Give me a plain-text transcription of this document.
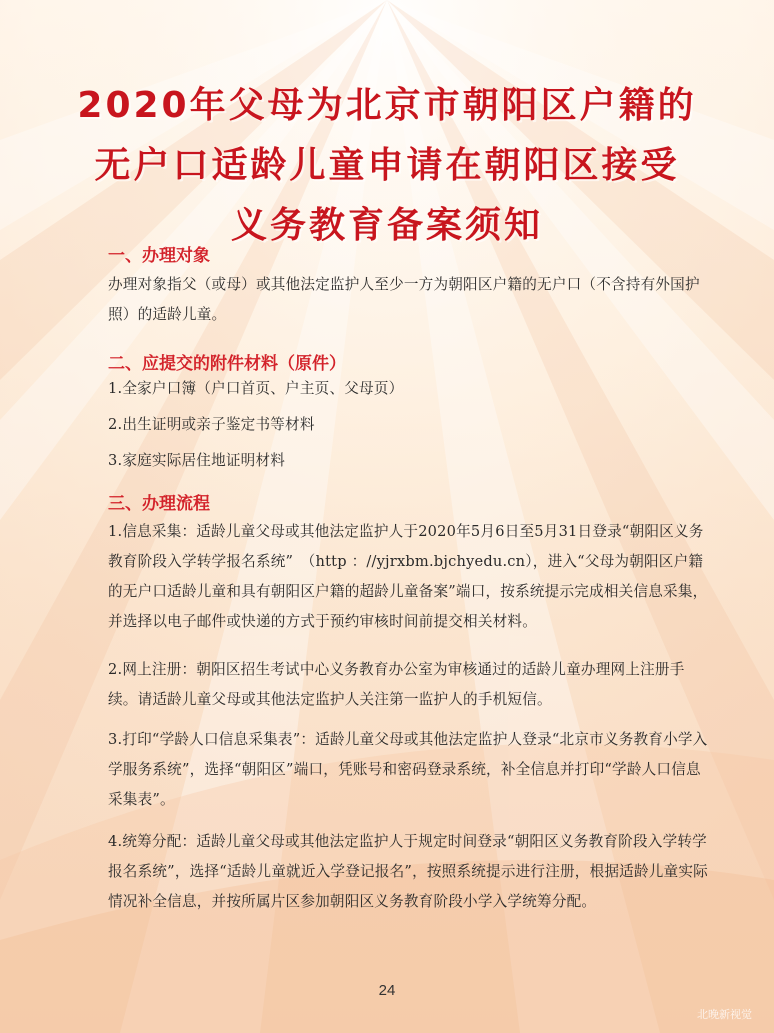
2020年父母为北京市朝阳区户籍的
无户口适龄儿童申请在朝阳区接受
义务教育备案须知
一、办理对象

办理对象指父（或母）或其他法定监护人至少一方为朝阳区户籍的无户口（不含持有外国护照）的适龄儿童。

二、应提交的附件材料（原件）

1.全家户口簿（户口首页、户主页、父母页）

2.出生证明或亲子鉴定书等材料

3.家庭实际居住地证明材料

三、办理流程

1.信息采集：适龄儿童父母或其他法定监护人于2020年5月6日至5月31日登录“朝阳区义务教育阶段入学转学报名系统”　（http ：//yjrxbm.bjchyedu.cn），进入“父母为朝阳区户籍的无户口适龄儿童和具有朝阳区户籍的超龄儿童备案”端口，按系统提示完成相关信息采集，并选择以电子邮件或快递的方式于预约审核时间前提交相关材料。

2.网上注册：朝阳区招生考试中心义务教育办公室为审核通过的适龄儿童办理网上注册手续。请适龄儿童父母或其他法定监护人关注第一监护人的手机短信。

3.打印“学龄人口信息采集表”：适龄儿童父母或其他法定监护人登录“北京市义务教育小学入学服务系统”，选择“朝阳区”端口，凭账号和密码登录系统，补全信息并打印“学龄人口信息采集表”。

4.统筹分配：适龄儿童父母或其他法定监护人于规定时间登录“朝阳区义务教育阶段入学转学报名系统”，选择“适龄儿童就近入学登记报名”，按照系统提示进行注册，根据适龄儿童实际情况补全信息，并按所属片区参加朝阳区义务教育阶段小学入学统筹分配。

24
北晚新视觉
